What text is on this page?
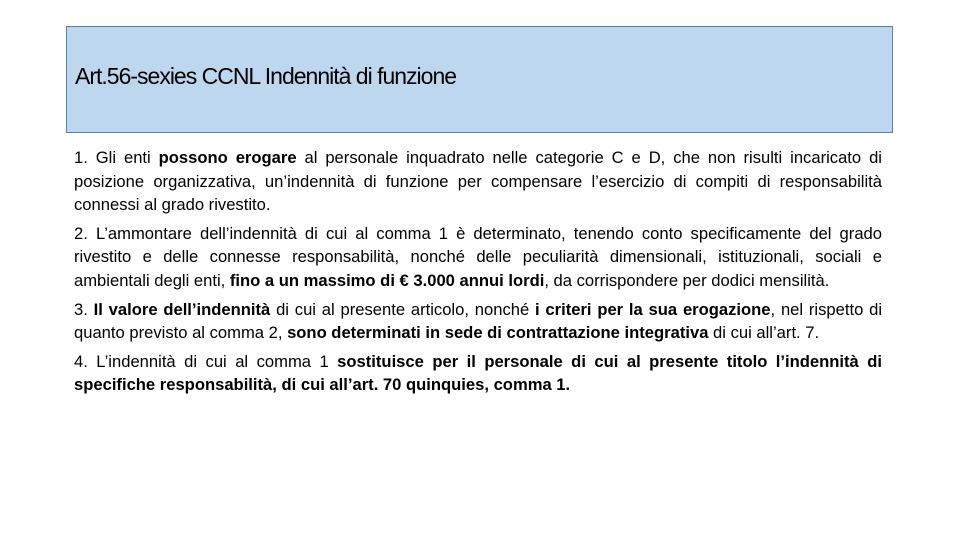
Art.56-sexies CCNL Indennità di funzione

1. Gli enti possono erogare al personale inquadrato nelle categorie C e D, che non risulti incaricato di posizione organizzativa, un’indennità di funzione per compensare l’esercizio di compiti di responsabilità connessi al grado rivestito.

2. L’ammontare dell’indennità di cui al comma 1 è determinato, tenendo conto specificamente del grado rivestito e delle connesse responsabilità, nonché delle peculiarità dimensionali, istituzionali, sociali e ambientali degli enti, fino a un massimo di € 3.000 annui lordi, da corrispondere per dodici mensilità.

3. Il valore dell’indennità di cui al presente articolo, nonché i criteri per la sua erogazione, nel rispetto di quanto previsto al comma 2, sono determinati in sede di contrattazione integrativa di cui all’art. 7.

4. L’indennità di cui al comma 1 sostituisce per il personale di cui al presente titolo l’indennità di specifiche responsabilità, di cui all’art. 70 quinquies, comma 1.
